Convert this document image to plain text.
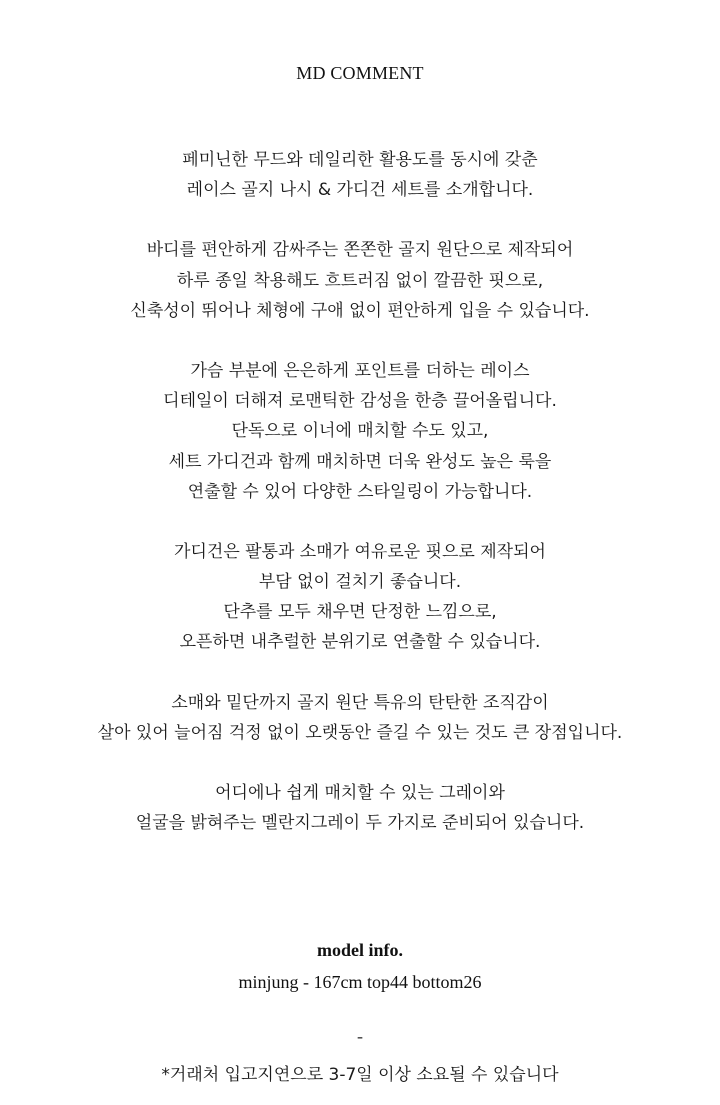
MD COMMENT
페미닌한 무드와 데일리한 활용도를 동시에 갖춘
레이스 골지 나시 & 가디건 세트를 소개합니다.
바디를 편안하게 감싸주는 쫀쫀한 골지 원단으로 제작되어
하루 종일 착용해도 흐트러짐 없이 깔끔한 핏으로,
신축성이 뛰어나 체형에 구애 없이 편안하게 입을 수 있습니다.
가슴 부분에 은은하게 포인트를 더하는 레이스
디테일이 더해져 로맨틱한 감성을 한층 끌어올립니다.
단독으로 이너에 매치할 수도 있고,
세트 가디건과 함께 매치하면 더욱 완성도 높은 룩을
연출할 수 있어 다양한 스타일링이 가능합니다.
가디건은 팔통과 소매가 여유로운 핏으로 제작되어
부담 없이 걸치기 좋습니다.
단추를 모두 채우면 단정한 느낌으로,
오픈하면 내추럴한 분위기로 연출할 수 있습니다.
소매와 밑단까지 골지 원단 특유의 탄탄한 조직감이
살아 있어 늘어짐 걱정 없이 오랫동안 즐길 수 있는 것도 큰 장점입니다.
어디에나 쉽게 매치할 수 있는 그레이와
얼굴을 밝혀주는 멜란지그레이 두 가지로 준비되어 있습니다.
model info.
minjung - 167cm top44 bottom26
-
*거래처 입고지연으로 3-7일 이상 소요될 수 있습니다
